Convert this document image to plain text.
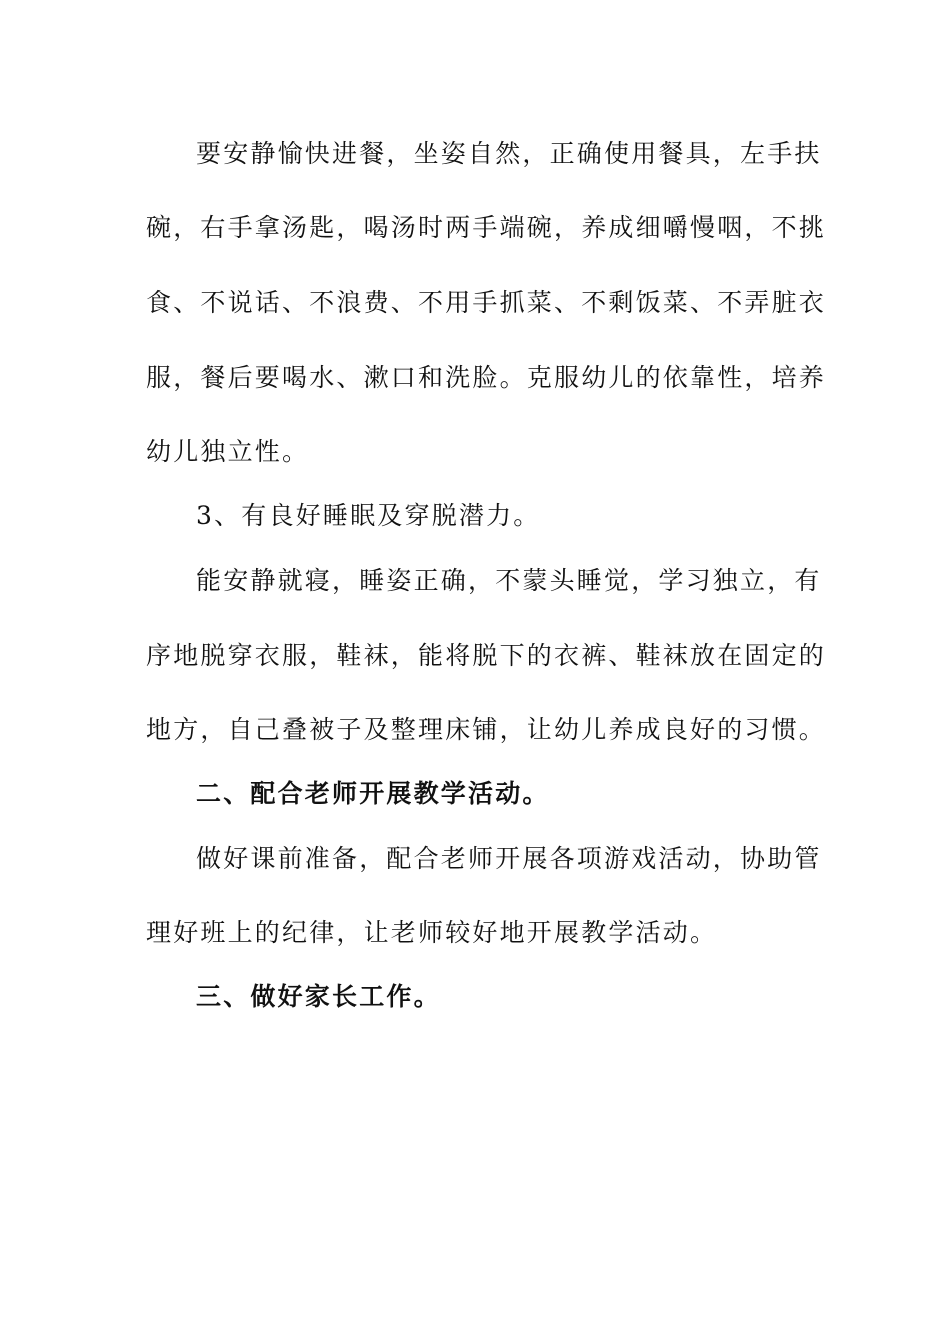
要安静愉快进餐，坐姿自然，正确使用餐具，左手扶
碗，右手拿汤匙，喝汤时两手端碗，养成细嚼慢咽，不挑
食、不说话、不浪费、不用手抓菜、不剩饭菜、不弄脏衣
服，餐后要喝水、漱口和洗脸。克服幼儿的依靠性，培养
幼儿独立性。
3、有良好睡眠及穿脱潜力。
能安静就寝，睡姿正确，不蒙头睡觉，学习独立，有
序地脱穿衣服，鞋袜，能将脱下的衣裤、鞋袜放在固定的
地方，自己叠被子及整理床铺，让幼儿养成良好的习惯。
二、配合老师开展教学活动。
做好课前准备，配合老师开展各项游戏活动，协助管
理好班上的纪律，让老师较好地开展教学活动。
三、做好家长工作。
